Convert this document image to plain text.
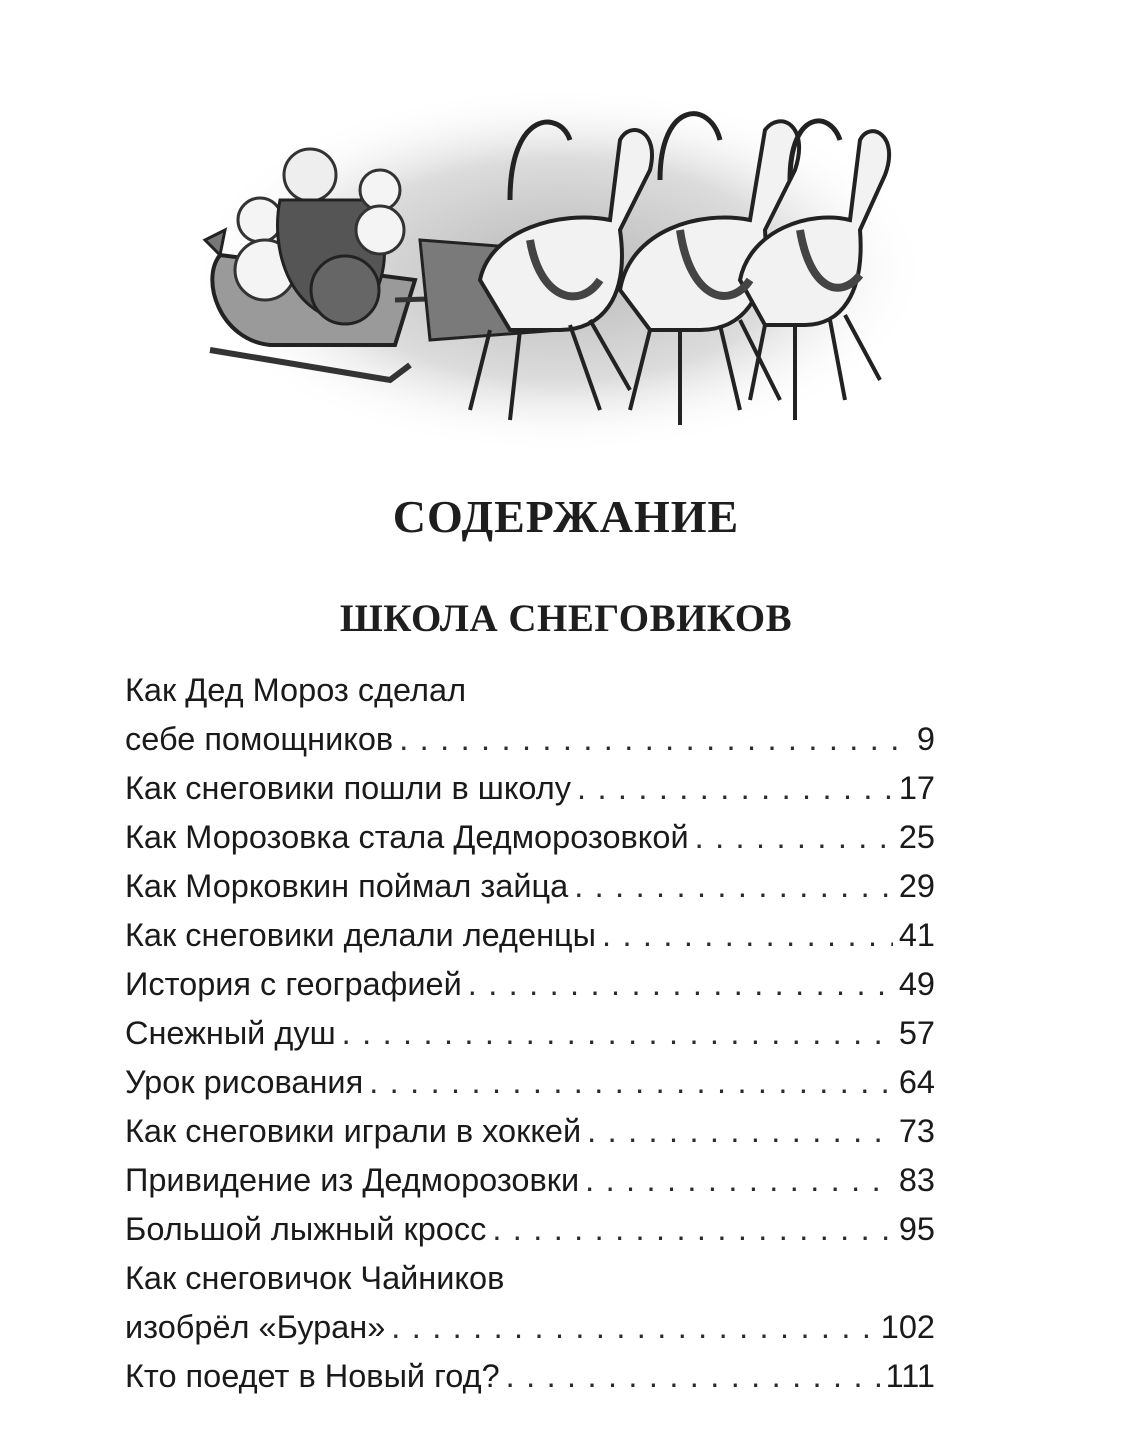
СОДЕРЖАНИЕ
ШКОЛА СНЕГОВИКОВ
Как Дед Мороз сделал
себе помощников . . .	9
Как снеговики пошли в школу . . .	17
Как Морозовка стала Дедморозовкой . . .	25
Как Морковкин поймал зайца . . .	29
Как снеговики делали леденцы . . .	41
История с географией . . .	49
Снежный душ . . .	57
Урок рисования . . .	64
Как снеговики играли в хоккей . . .	73
Привидение из Дедморозовки . . .	83
Большой лыжный кросс . . .	95
Как снеговичок Чайников
изобрёл «Буран» . . .	102
Кто поедет в Новый год? . . .	111
